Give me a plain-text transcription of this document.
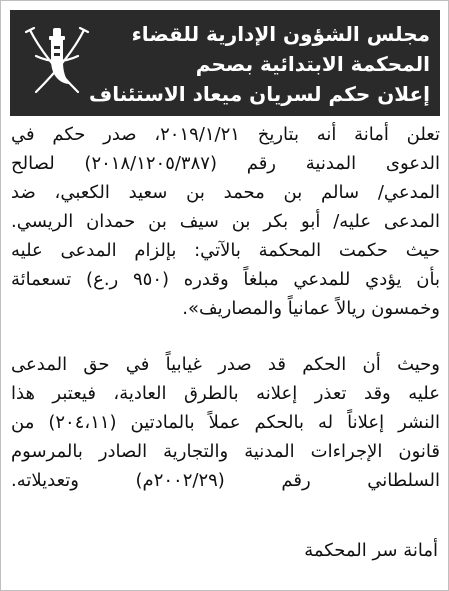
مجلس الشؤون الإدارية للقضاء
المحكمة الابتدائية بصحم
إعلان حكم لسريان ميعاد الاستئناف
تعلن أمانة أنه بتاريخ ٢٠١٩/١/٢١، صدر حكم في
الدعوى المدنية رقم (٢٠١٨/١٢٠٥/٣٨٧) لصالح
المدعي/ سالم بن محمد بن سعيد الكعبي، ضد
المدعى عليه/ أبو بكر بن سيف بن حمدان الريسي.
حيث حكمت المحكمة بالآتي: بإلزام المدعى عليه
بأن يؤدي للمدعي مبلغاً وقدره (٩٥٠ ر.ع) تسعمائة
وخمسون ريالاً عمانياً والمصاريف».
وحيث أن الحكم قد صدر غيابياً في حق المدعى
عليه وقد تعذر إعلانه بالطرق العادية، فيعتبر هذا
النشر إعلاناً له بالحكم عملاً بالمادتين (٢٠٤،١١) من
قانون الإجراءات المدنية والتجارية الصادر بالمرسوم
السلطاني رقم (٢٠٠٢/٢٩م) وتعديلاته.
أمانة سر المحكمة
